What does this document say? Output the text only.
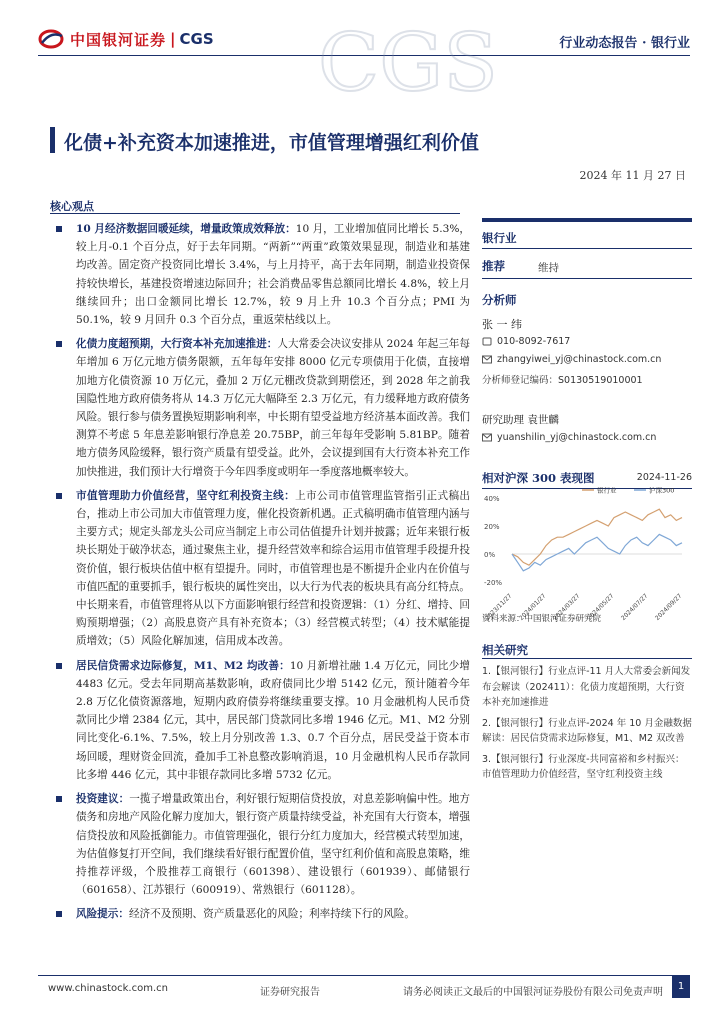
中国银河证券 | CGS	行业动态报告 · 银行业
CGS
化债+补充资本加速推进，市值管理增强红利价值
2024 年 11 月 27 日
核心观点
10 月经济数据回暖延续，增量政策成效释放：10 月，工业增加值同比增长 5.3%，较上月-0.1 个百分点，好于去年同期。“两新”“两重”政策效果显现，制造业和基建均改善。固定资产投资同比增长 3.4%，与上月持平，高于去年同期，制造业投资保持较快增长，基建投资增速边际回升；社会消费品零售总额同比增长 4.8%，较上月继续回升；出口金额同比增长 12.7%，较 9 月上升 10.3 个百分点；PMI 为 50.1%，较 9 月回升 0.3 个百分点，重返荣枯线以上。
化债力度超预期，大行资本补充加速推进：人大常委会决议安排从 2024 年起三年每年增加 6 万亿元地方债务限额，五年每年安排 8000 亿元专项债用于化债，直接增加地方化债资源 10 万亿元，叠加 2 万亿元棚改贷款到期偿还，到 2028 年之前我国隐性地方政府债务将从 14.3 万亿元大幅降至 2.3 万亿元，有力缓释地方政府债务风险。银行参与债务置换短期影响利率，中长期有望受益地方经济基本面改善。我们测算不考虑 5 年息差影响银行净息差 20.75BP，前三年每年受影响 5.81BP。随着地方债务风险缓释，银行资产质量有望受益。此外，会议提到国有大行资本补充工作加快推进，我们预计大行增资于今年四季度或明年一季度落地概率较大。
市值管理助力价值经营，坚守红利投资主线：上市公司市值管理监管指引正式稿出台，推动上市公司加大市值管理力度，催化投资新机遇。正式稿明确市值管理内涵与主要方式；规定头部龙头公司应当制定上市公司估值提升计划并披露；近年来银行板块长期处于破净状态，通过聚焦主业，提升经营效率和综合运用市值管理手段提升投资价值，银行板块估值中枢有望提升。同时，市值管理也是不断提升企业内在价值与市值匹配的重要抓手，银行板块的属性突出，以大行为代表的板块具有高分红特点。中长期来看，市值管理将从以下方面影响银行经营和投资逻辑：（1）分红、增持、回购预期增强；（2）高股息资产具有补充资本；（3）经营模式转型；（4）技术赋能提质增效；（5）风险化解加速，信用成本改善。
居民信贷需求边际修复，M1、M2 均改善：10 月新增社融 1.4 万亿元，同比少增 4483 亿元。受去年同期高基数影响，政府债同比少增 5142 亿元，预计随着今年 2.8 万亿化债资源落地，短期内政府债券将继续重要支撑。10 月金融机构人民币贷款同比少增 2384 亿元，其中，居民部门贷款同比多增 1946 亿元。M1、M2 分别同比变化-6.1%、7.5%，较上月分别改善 1.3、0.7 个百分点，居民受益于资本市场回暖，理财资金回流，叠加手工补息整改影响消退，10 月金融机构人民币存款同比多增 446 亿元，其中非银存款同比多增 5732 亿元。
投资建议：一揽子增量政策出台，利好银行短期信贷投放，对息差影响偏中性。地方债务和房地产风险化解力度加大，银行资产质量持续受益，补充国有大行资本，增强信贷投放和风险抵御能力。市值管理强化，银行分红力度加大，经营模式转型加速，为估值修复打开空间，我们继续看好银行配置价值，坚守红利价值和高股息策略，维持推荐评级，个股推荐工商银行（601398）、建设银行（601939）、邮储银行（601658）、江苏银行（600919）、常熟银行（601128）。
风险提示：经济不及预期、资产质量恶化的风险；利率持续下行的风险。
银行业
推荐	维持
分析师
张 一 纬
010-8092-7617
zhangyiwei_yj@chinastock.com.cn
分析师登记编码：S0130519010001
研究助理 袁世麟
yuanshilin_yj@chinastock.com.cn
相对沪深 300 表现图	2024-11-26
40%
20%
0%
-20%
2023/11/27 2024/01/27 2024/03/27 2024/05/27 2024/07/27 2024/09/27
银行业	沪深300
资料来源：中国银河证券研究院
相关研究
1.【银河银行】行业点评-11 月人大常委会新闻发布会解读（202411）：化债力度超预期，大行资本补充加速推进
2.【银河银行】行业点评-2024 年 10 月金融数据解读：居民信贷需求边际修复，M1、M2 双改善
3.【银河银行】行业深度-共同富裕和乡村振兴：市值管理助力价值经营，坚守红利投资主线
www.chinastock.com.cn	证券研究报告	请务必阅读正文最后的中国银河证券股份有限公司免责声明
1
